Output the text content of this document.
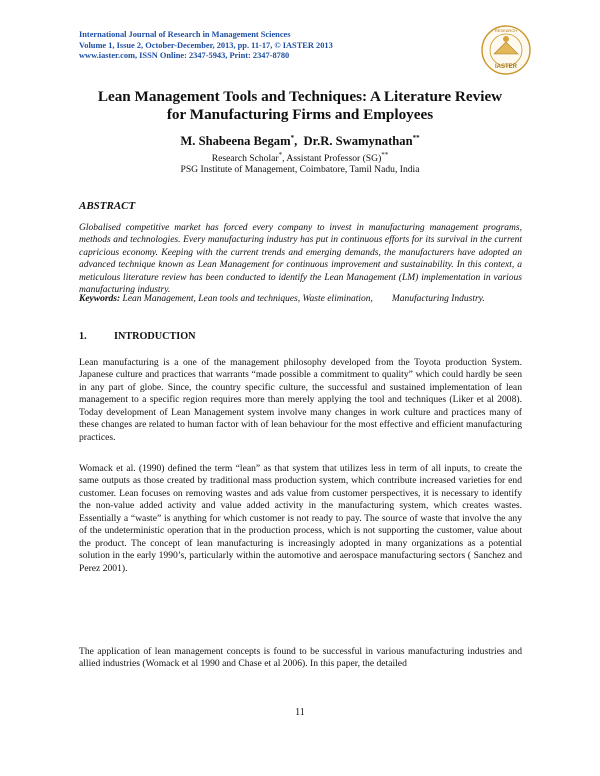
International Journal of Research in Management Sciences
Volume 1, Issue 2, October-December, 2013, pp. 11-17, © IASTER 2013
www.iaster.com, ISSN Online: 2347-5943, Print: 2347-8780
RESEARCH
IASTER
Lean Management Tools and Techniques: A Literature Review
for Manufacturing Firms and Employees
M. Shabeena Begam*,  Dr.R. Swamynathan**
Research Scholar*, Assistant Professor (SG)**
PSG Institute of Management, Coimbatore, Tamil Nadu, India
ABSTRACT
Globalised competitive market has forced every company to invest in manufacturing management programs, methods and technologies. Every manufacturing industry has put in continuous efforts for its survival in the current capricious economy. Keeping with the current trends and emerging demands, the manufacturers have adopted an advanced technique known as Lean Management for continuous improvement and sustainability. In this context, a meticulous literature review has been conducted to identify the Lean Management (LM) implementation in various manufacturing industry.
Keywords: Lean Management, Lean tools and techniques, Waste elimination,        Manufacturing Industry.
1.	INTRODUCTION
Lean manufacturing is a one of the management philosophy developed from the Toyota production System. Japanese culture and practices that warrants “made possible a commitment to quality” which could hardly be seen in any part of globe. Since, the country specific culture, the successful and sustained implementation of lean management to a specific region requires more than merely applying the tool and techniques (Liker et al 2008). Today development of Lean Management system involve many changes in work culture and practices many of these changes are related to human factor with of lean behaviour for the most effective and efficient manufacturing practices.
Womack et al. (1990) defined the term “lean” as that system that utilizes less in term of all inputs, to create the same outputs as those created by traditional mass production system, which contribute increased varieties for end customer. Lean focuses on removing wastes and ads value from customer perspectives, it is necessary to identify the non-value added activity and value added activity in the manufacturing system, which creates wastes. Essentially a “waste” is anything for which customer is not ready to pay. The source of waste that involve the any of the undeterministic operation that in the production process, which is not supporting the customer, value about the product. The concept of lean manufacturing is increasingly adopted in many organizations as a potential solution in the early 1990’s, particularly within the automotive and aerospace manufacturing sectors ( Sanchez and Perez 2001).
The application of lean management concepts is found to be successful in various manufacturing industries and allied industries (Womack et al 1990 and Chase et al 2006). In this paper, the detailed
11
